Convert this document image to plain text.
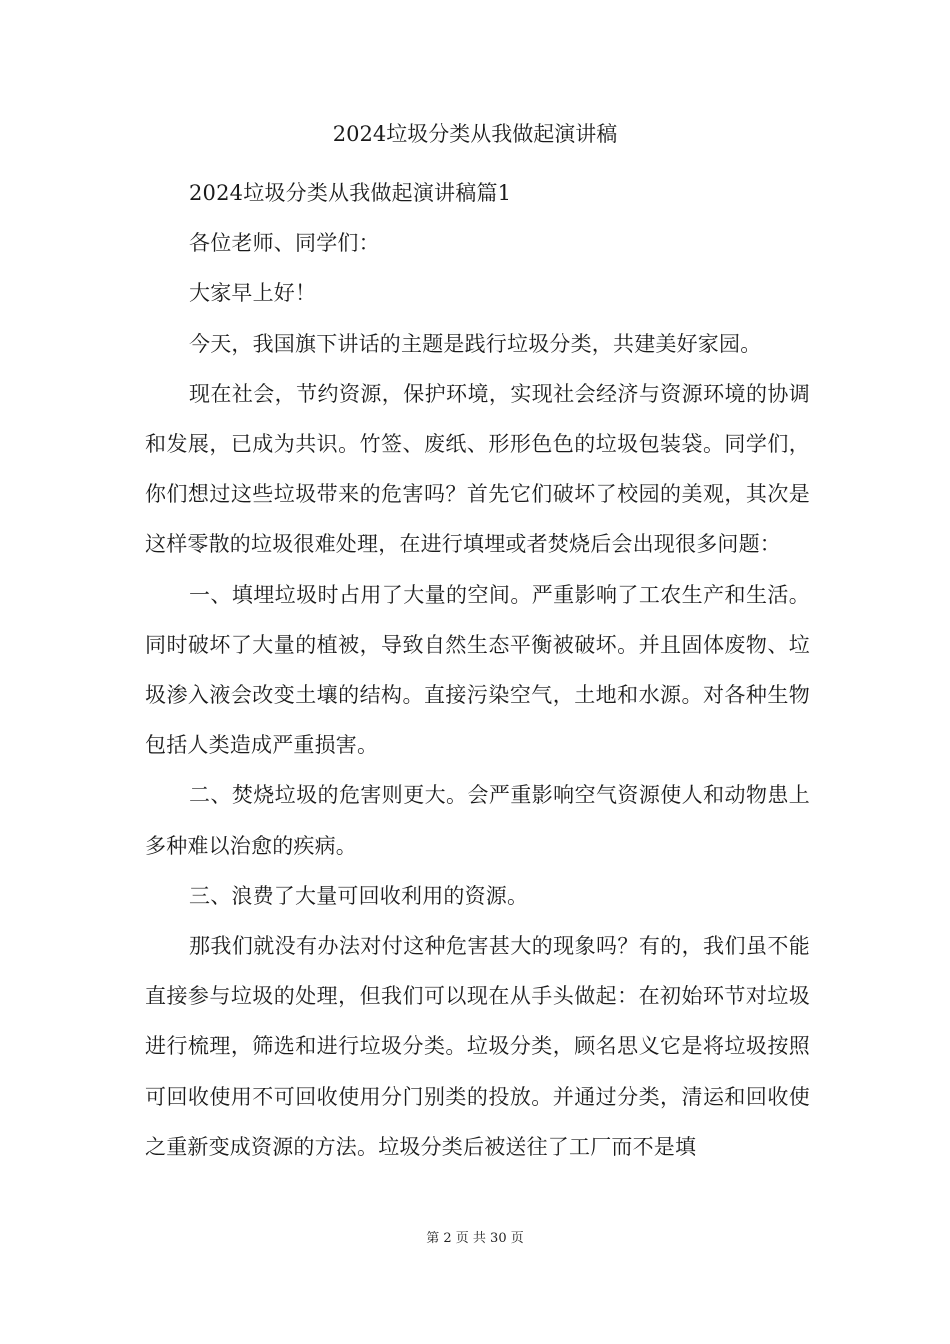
2024垃圾分类从我做起演讲稿

2024垃圾分类从我做起演讲稿篇1

各位老师、同学们：

大家早上好！

今天，我国旗下讲话的主题是践行垃圾分类，共建美好家园。

现在社会，节约资源，保护环境，实现社会经济与资源环境的协调和发展，已成为共识。竹签、废纸、形形色色的垃圾包装袋。同学们，你们想过这些垃圾带来的危害吗？首先它们破坏了校园的美观，其次是这样零散的垃圾很难处理，在进行填埋或者焚烧后会出现很多问题：

一、填埋垃圾时占用了大量的空间。严重影响了工农生产和生活。同时破坏了大量的植被，导致自然生态平衡被破坏。并且固体废物、垃圾渗入液会改变土壤的结构。直接污染空气，土地和水源。对各种生物包括人类造成严重损害。

二、焚烧垃圾的危害则更大。会严重影响空气资源使人和动物患上多种难以治愈的疾病。

三、浪费了大量可回收利用的资源。

那我们就没有办法对付这种危害甚大的现象吗？有的，我们虽不能直接参与垃圾的处理，但我们可以现在从手头做起：在初始环节对垃圾进行梳理，筛选和进行垃圾分类。垃圾分类，顾名思义它是将垃圾按照可回收使用不可回收使用分门别类的投放。并通过分类，清运和回收使之重新变成资源的方法。垃圾分类后被送往了工厂而不是填

第 2 页 共 30 页
